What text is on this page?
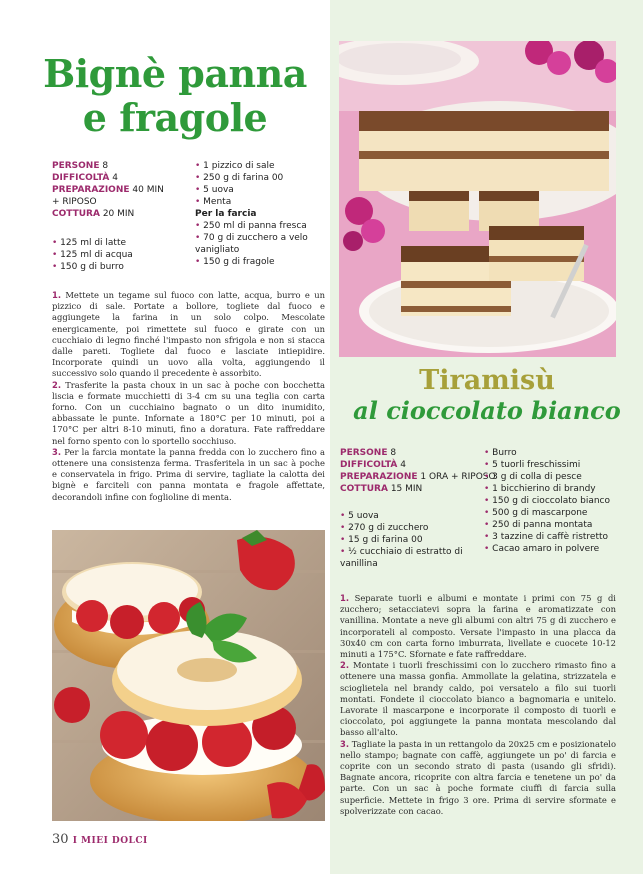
Bignè panna
e fragole
PERSONE 8
DIFFICOLTÀ 4
PREPARAZIONE 40 MIN
+ RIPOSO
COTTURA 20 MIN
• 125 ml di latte
• 125 ml di acqua
• 150 g di burro
• 1 pizzico di sale
• 250 g di farina 00
• 5 uova
• Menta
Per la farcia
• 250 ml di panna fresca
• 70 g di zucchero a velo vanigliato
• 150 g di fragole

1. Mettete un tegame sul fuoco con latte, acqua, burro e un pizzico di sale. Portate a bollore, togliete dal fuoco e aggiungete la farina in un solo colpo. Mescolate energicamente, poi rimettete sul fuoco e girate con un cucchiaio di legno finché l'impasto non sfrigola e non si stacca dalle pareti. Togliete dal fuoco e lasciate intiepidire. Incorporate quindi un uovo alla volta, aggiungendo il successivo solo quando il precedente è assorbito.

2. Trasferite la pasta choux in un sac à poche con bocchetta liscia e formate mucchietti di 3-4 cm su una teglia con carta forno. Con un cucchiaino bagnato o un dito inumidito, abbassate le punte. Infornate a 180°C per 10 minuti, poi a 170°C per altri 8-10 minuti, fino a doratura. Fate raffreddare nel forno spento con lo sportello socchiuso.

3. Per la farcia montate la panna fredda con lo zucchero fino a ottenere una consistenza ferma. Trasferitela in un sac à poche e conservatela in frigo. Prima di servire, tagliate la calotta dei bignè e farciteli con panna montata e fragole affettate, decorandoli infine con foglioline di menta.

Tiramisù
al cioccolato bianco
PERSONE 8
DIFFICOLTÀ 4
PREPARAZIONE 1 ORA + RIPOSO
COTTURA 15 MIN
• 5 uova
• 270 g di zucchero
• 15 g di farina 00
• ½ cucchiaio di estratto di vanillina
• Burro
• 5 tuorli freschissimi
• 3 g di colla di pesce
• 1 bicchierino di brandy
• 150 g di cioccolato bianco
• 500 g di mascarpone
• 250 di panna montata
• 3 tazzine di caffè ristretto
• Cacao amaro in polvere

1. Separate tuorli e albumi e montate i primi con 75 g di zucchero; setacciatevi sopra la farina e aromatizzate con vanillina. Montate a neve gli albumi con altri 75 g di zucchero e incorporateli al composto. Versate l'impasto in una placca da 30x40 cm con carta forno imburrata, livellate e cuocete 10-12 minuti a 175°C. Sfornate e fate raffreddare.

2. Montate i tuorli freschissimi con lo zucchero rimasto fino a ottenere una massa gonfia. Ammollate la gelatina, strizzatela e scioglietela nel brandy caldo, poi versatelo a filo sui tuorli montati. Fondete il cioccolato bianco a bagnomaria e unitelo. Lavorate il mascarpone e incorporate il composto di tuorli e cioccolato, poi aggiungete la panna montata mescolando dal basso all'alto.

3. Tagliate la pasta in un rettangolo da 20x25 cm e posizionatelo nello stampo; bagnate con caffè, aggiungete un po' di farcia e coprite con un secondo strato di pasta (usando gli sfridi). Bagnate ancora, ricoprite con altra farcia e tenetene un po' da parte. Con un sac à poche formate ciuffi di farcia sulla superficie. Mettete in frigo 3 ore. Prima di servire sformate e spolverizzate con cacao.

30 I MIEI DOLCI
